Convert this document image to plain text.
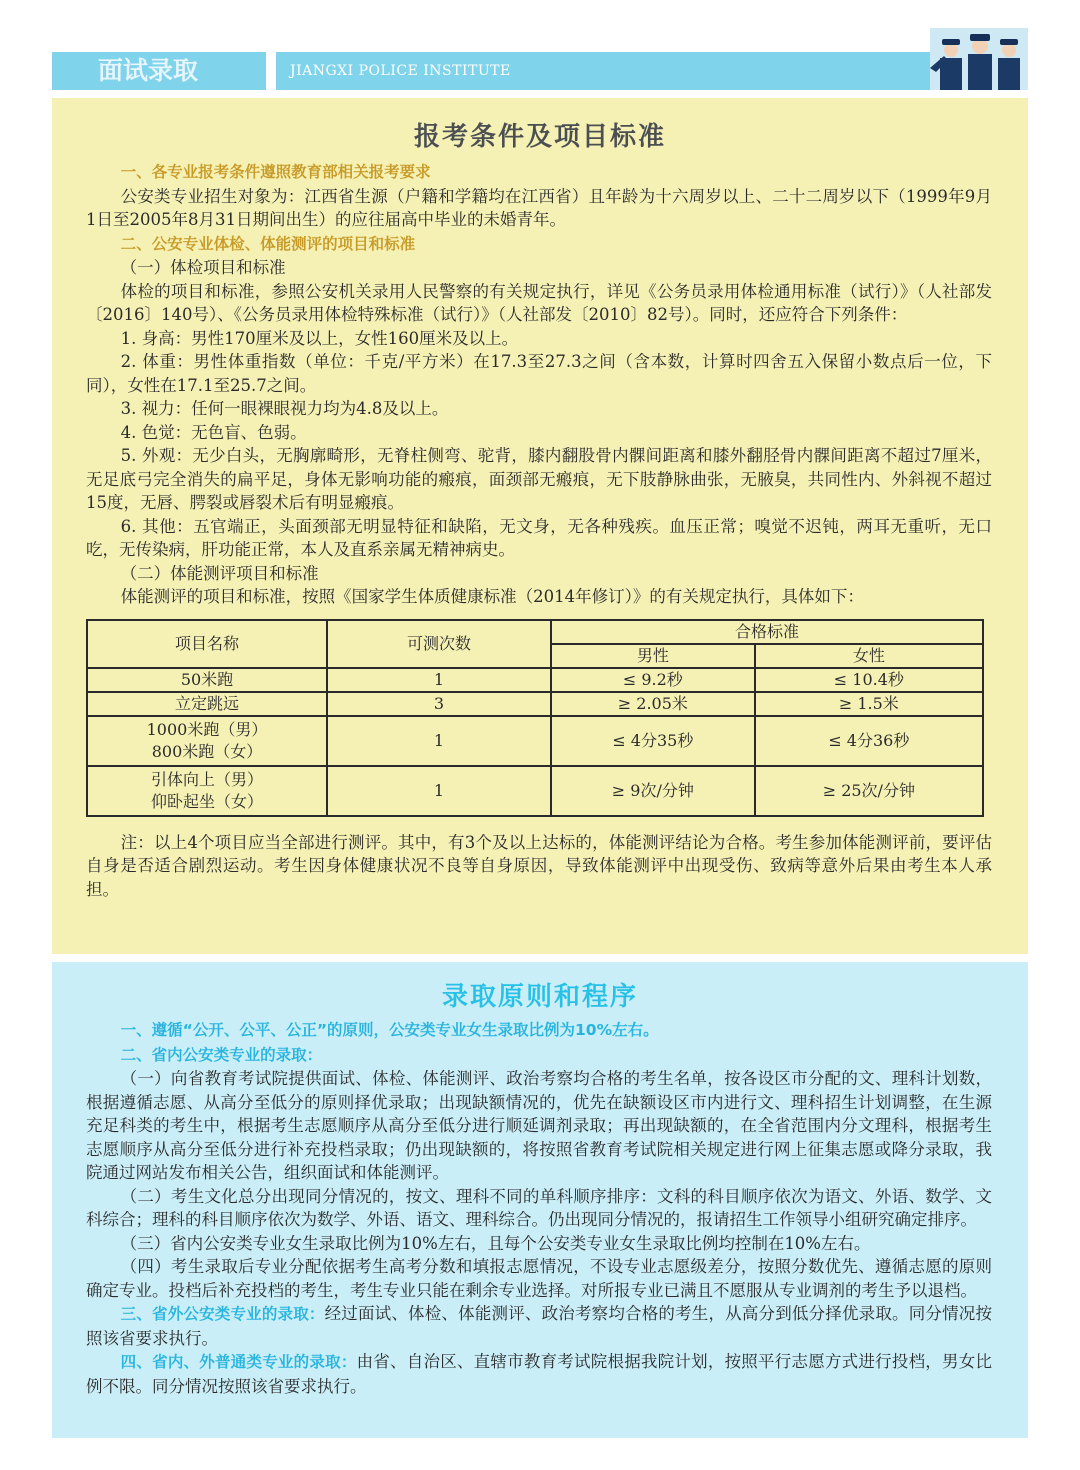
面试录取	JIANGXI POLICE INSTITUTE
报考条件及项目标准

一、各专业报考条件遵照教育部相关报考要求

公安类专业招生对象为：江西省生源（户籍和学籍均在江西省）且年龄为十六周岁以上、二十二周岁以下（1999年9月1日至2005年8月31日期间出生）的应往届高中毕业的未婚青年。

二、公安专业体检、体能测评的项目和标准

（一）体检项目和标准

体检的项目和标准，参照公安机关录用人民警察的有关规定执行，详见《公务员录用体检通用标准（试行）》（人社部发〔2016〕140号）、《公务员录用体检特殊标准（试行）》（人社部发〔2010〕82号）。同时，还应符合下列条件：

1. 身高：男性170厘米及以上，女性160厘米及以上。

2. 体重：男性体重指数（单位：千克/平方米）在17.3至27.3之间（含本数，计算时四舍五入保留小数点后一位，下同），女性在17.1至25.7之间。

3. 视力：任何一眼裸眼视力均为4.8及以上。

4. 色觉：无色盲、色弱。

5. 外观：无少白头，无胸廓畸形，无脊柱侧弯、驼背，膝内翻股骨内髁间距离和膝外翻胫骨内髁间距离不超过7厘米，无足底弓完全消失的扁平足，身体无影响功能的瘢痕，面颈部无瘢痕，无下肢静脉曲张，无腋臭，共同性内、外斜视不超过15度，无唇、腭裂或唇裂术后有明显瘢痕。

6. 其他：五官端正，头面颈部无明显特征和缺陷，无文身，无各种残疾。血压正常；嗅觉不迟钝，两耳无重听，无口吃，无传染病，肝功能正常，本人及直系亲属无精神病史。

（二）体能测评项目和标准

体能测评的项目和标准，按照《国家学生体质健康标准（2014年修订）》的有关规定执行，具体如下：

项目名称	可测次数	合格标准	
		男性	女性
50米跑	1	≤ 9.2秒	≤ 10.4秒
立定跳远	3	≥ 2.05米	≥ 1.5米

1000米跑（男）
800米跑（女）	1	≤ 4分35秒	≤ 4分36秒

引体向上（男）
仰卧起坐（女）	1	≥ 9次/分钟	≥ 25次/分钟

注：以上4个项目应当全部进行测评。其中，有3个及以上达标的，体能测评结论为合格。考生参加体能测评前，要评估自身是否适合剧烈运动。考生因身体健康状况不良等自身原因，导致体能测评中出现受伤、致病等意外后果由考生本人承担。

录取原则和程序

一、遵循“公开、公平、公正”的原则，公安类专业女生录取比例为10%左右。

二、省内公安类专业的录取：

（一）向省教育考试院提供面试、体检、体能测评、政治考察均合格的考生名单，按各设区市分配的文、理科计划数，根据遵循志愿、从高分至低分的原则择优录取；出现缺额情况的，优先在缺额设区市内进行文、理科招生计划调整，在生源充足科类的考生中，根据考生志愿顺序从高分至低分进行顺延调剂录取；再出现缺额的，在全省范围内分文理科，根据考生志愿顺序从高分至低分进行补充投档录取；仍出现缺额的，将按照省教育考试院相关规定进行网上征集志愿或降分录取，我院通过网站发布相关公告，组织面试和体能测评。

（二）考生文化总分出现同分情况的，按文、理科不同的单科顺序排序：文科的科目顺序依次为语文、外语、数学、文科综合；理科的科目顺序依次为数学、外语、语文、理科综合。仍出现同分情况的，报请招生工作领导小组研究确定排序。

（三）省内公安类专业女生录取比例为10%左右，且每个公安类专业女生录取比例均控制在10%左右。

（四）考生录取后专业分配依据考生高考分数和填报志愿情况，不设专业志愿级差分，按照分数优先、遵循志愿的原则确定专业。投档后补充投档的考生，考生专业只能在剩余专业选择。对所报专业已满且不愿服从专业调剂的考生予以退档。

三、省外公安类专业的录取：经过面试、体检、体能测评、政治考察均合格的考生，从高分到低分择优录取。同分情况按照该省要求执行。

四、省内、外普通类专业的录取：由省、自治区、直辖市教育考试院根据我院计划，按照平行志愿方式进行投档，男女比例不限。同分情况按照该省要求执行。
